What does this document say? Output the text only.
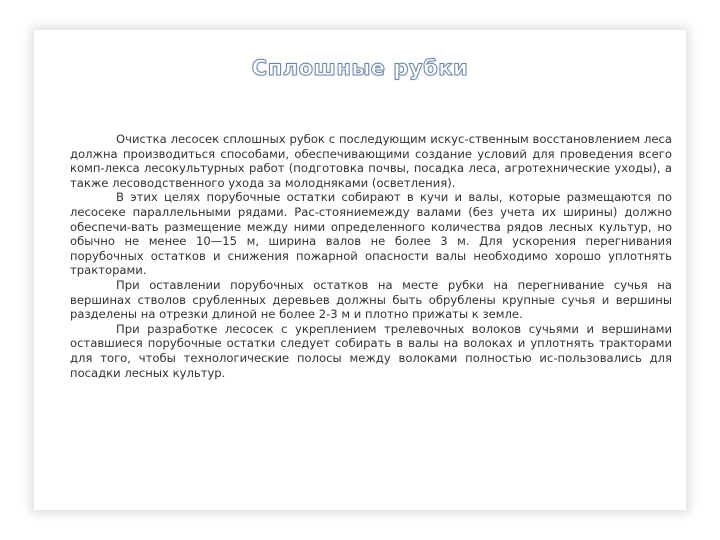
Сплошные рубки

Очистка лесосек сплошных рубок с последующим искус-ственным восстановлением леса должна производиться способами, обеспечивающими создание условий для проведения всего комп-лекса лесокультурных работ (подготовка почвы, посадка леса, агротехнические уходы), а также лесоводственного ухода за молодняками (осветления).

В этих целях порубочные остатки собирают в кучи и валы, которые размещаются по лесосеке параллельными рядами. Рас-стояниемежду валами (без учета их ширины) должно обеспечи-вать размещение между ними определенного количества рядов лесных культур, но обычно не менее 10—15 м, ширина валов не более 3 м. Для ускорения перегнивания порубочных остатков и снижения пожарной опасности валы необходимо хорошо уплотнять тракторами.

При оставлении порубочных остатков на месте рубки на перегнивание сучья на вершинах стволов срубленных деревьев должны быть обрублены крупные сучья и вершины разделены на отрезки длиной не более 2-3 м и плотно прижаты к земле.

При разработке лесосек с укреплением трелевочных волоков сучьями и вершинами оставшиеся порубочные остатки следует собирать в валы на волоках и уплотнять тракторами для того, чтобы технологические полосы между волоками полностью ис-пользовались для посадки лесных культур.
